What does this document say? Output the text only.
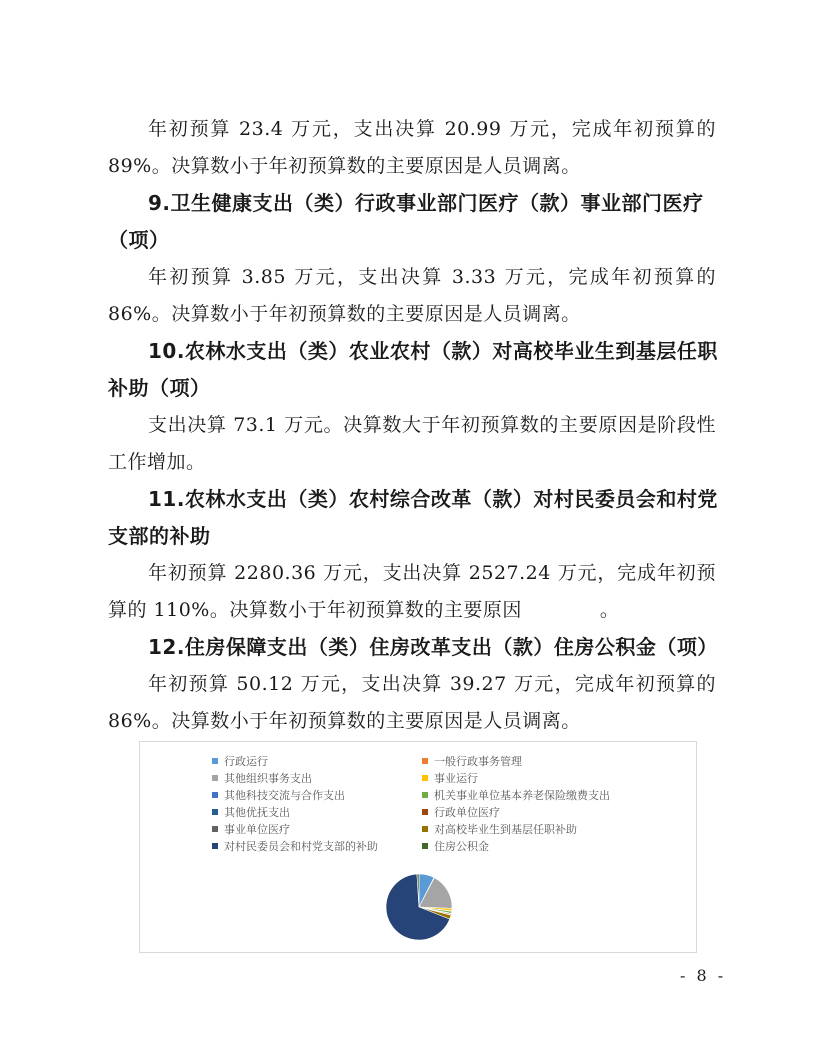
年初预算 23.4 万元，支出决算 20.99 万元，完成年初预算的89%。决算数小于年初预算数的主要原因是人员调离。

9.卫生健康支出（类）行政事业部门医疗（款）事业部门医疗（项）

年初预算 3.85 万元，支出决算 3.33 万元，完成年初预算的86%。决算数小于年初预算数的主要原因是人员调离。

10.农林水支出（类）农业农村（款）对高校毕业生到基层任职补助（项）

支出决算 73.1 万元。决算数大于年初预算数的主要原因是阶段性工作增加。

11.农林水支出（类）农村综合改革（款）对村民委员会和村党支部的补助

年初预算 2280.36 万元，支出决算 2527.24 万元，完成年初预算的 110%。决算数小于年初预算数的主要原因　　　　。

12.住房保障支出（类）住房改革支出（款）住房公积金（项）

年初预算 50.12 万元，支出决算 39.27 万元，完成年初预算的86%。决算数小于年初预算数的主要原因是人员调离。

行政运行	一般行政事务管理
其他组织事务支出	事业运行
其他科技交流与合作支出	机关事业单位基本养老保险缴费支出
其他优抚支出	行政单位医疗
事业单位医疗	对高校毕业生到基层任职补助
对村民委员会和村党支部的补助	住房公积金
- 8 -
